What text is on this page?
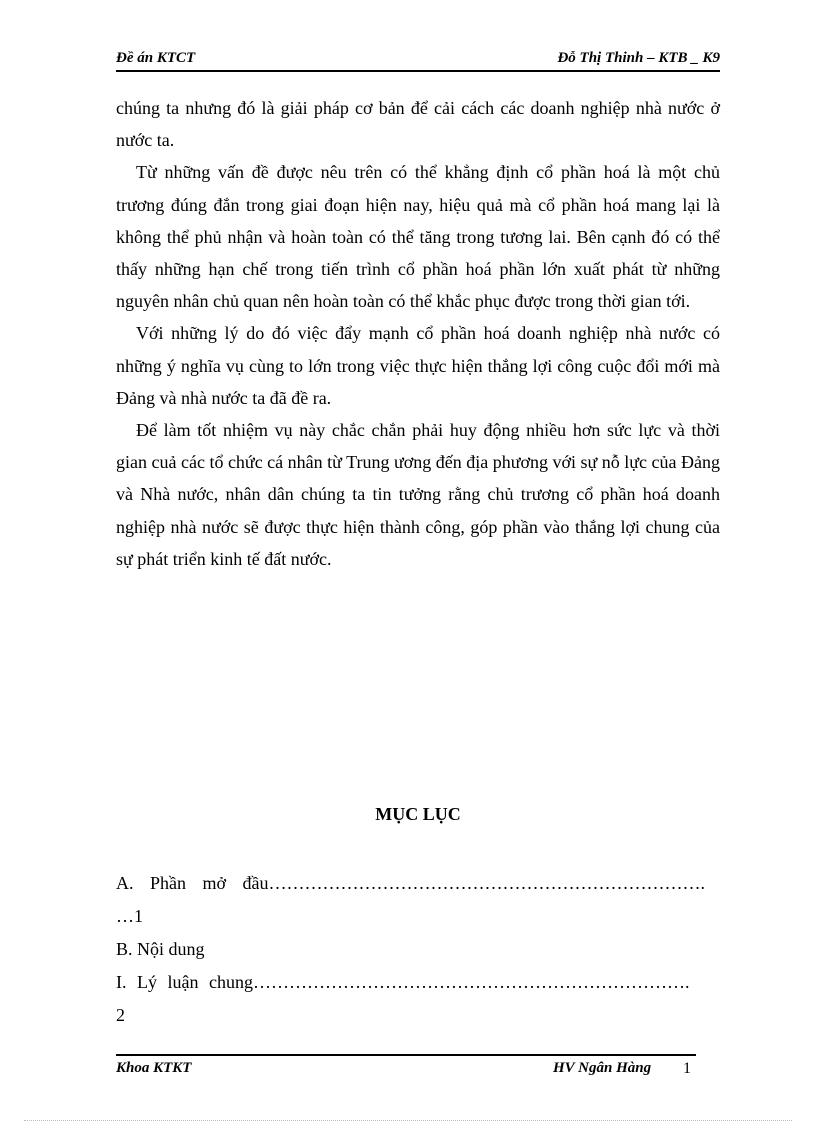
Đề án KTCT	Đỗ Thị Thinh – KTB _ K9

chúng ta nhưng đó là giải pháp cơ bản để cải cách các doanh nghiệp nhà nước ở nước ta.

Từ những vấn đề được nêu trên có thể khẳng định cổ phần hoá là một chủ trương đúng đắn trong giai đoạn hiện nay, hiệu quả mà cổ phần hoá mang lại là không thể phủ nhận và hoàn toàn có thể tăng trong tương lai. Bên cạnh đó có thể thấy những hạn chế trong tiến trình cổ phần hoá phần lớn xuất phát từ những nguyên nhân chủ quan nên hoàn toàn có thể khắc phục được trong thời gian tới.

Với những lý do đó việc đẩy mạnh cổ phần hoá doanh nghiệp nhà nước có những ý nghĩa vụ cùng to lớn trong việc thực hiện thắng lợi công cuộc đổi mới mà Đảng và nhà nước ta đã đề ra.

Để làm tốt nhiệm vụ này chắc chắn phải huy động nhiều hơn sức lực và thời gian cuả các tổ chức cá nhân từ Trung ương đến địa phương với sự nỗ lực của Đảng và Nhà nước, nhân dân chúng ta tin tưởng rằng chủ trương cổ phần hoá doanh nghiệp nhà nước sẽ được thực hiện thành công, góp phần vào thắng lợi chung của sự phát triển kinh tế đất nước.

MỤC LỤC
A. Phần mở đầu……………………………………………………………….
…1
B. Nội dung
I. Lý luận chung……………………………………………………………….
2
Khoa KTKT	HV Ngân Hàng 1
